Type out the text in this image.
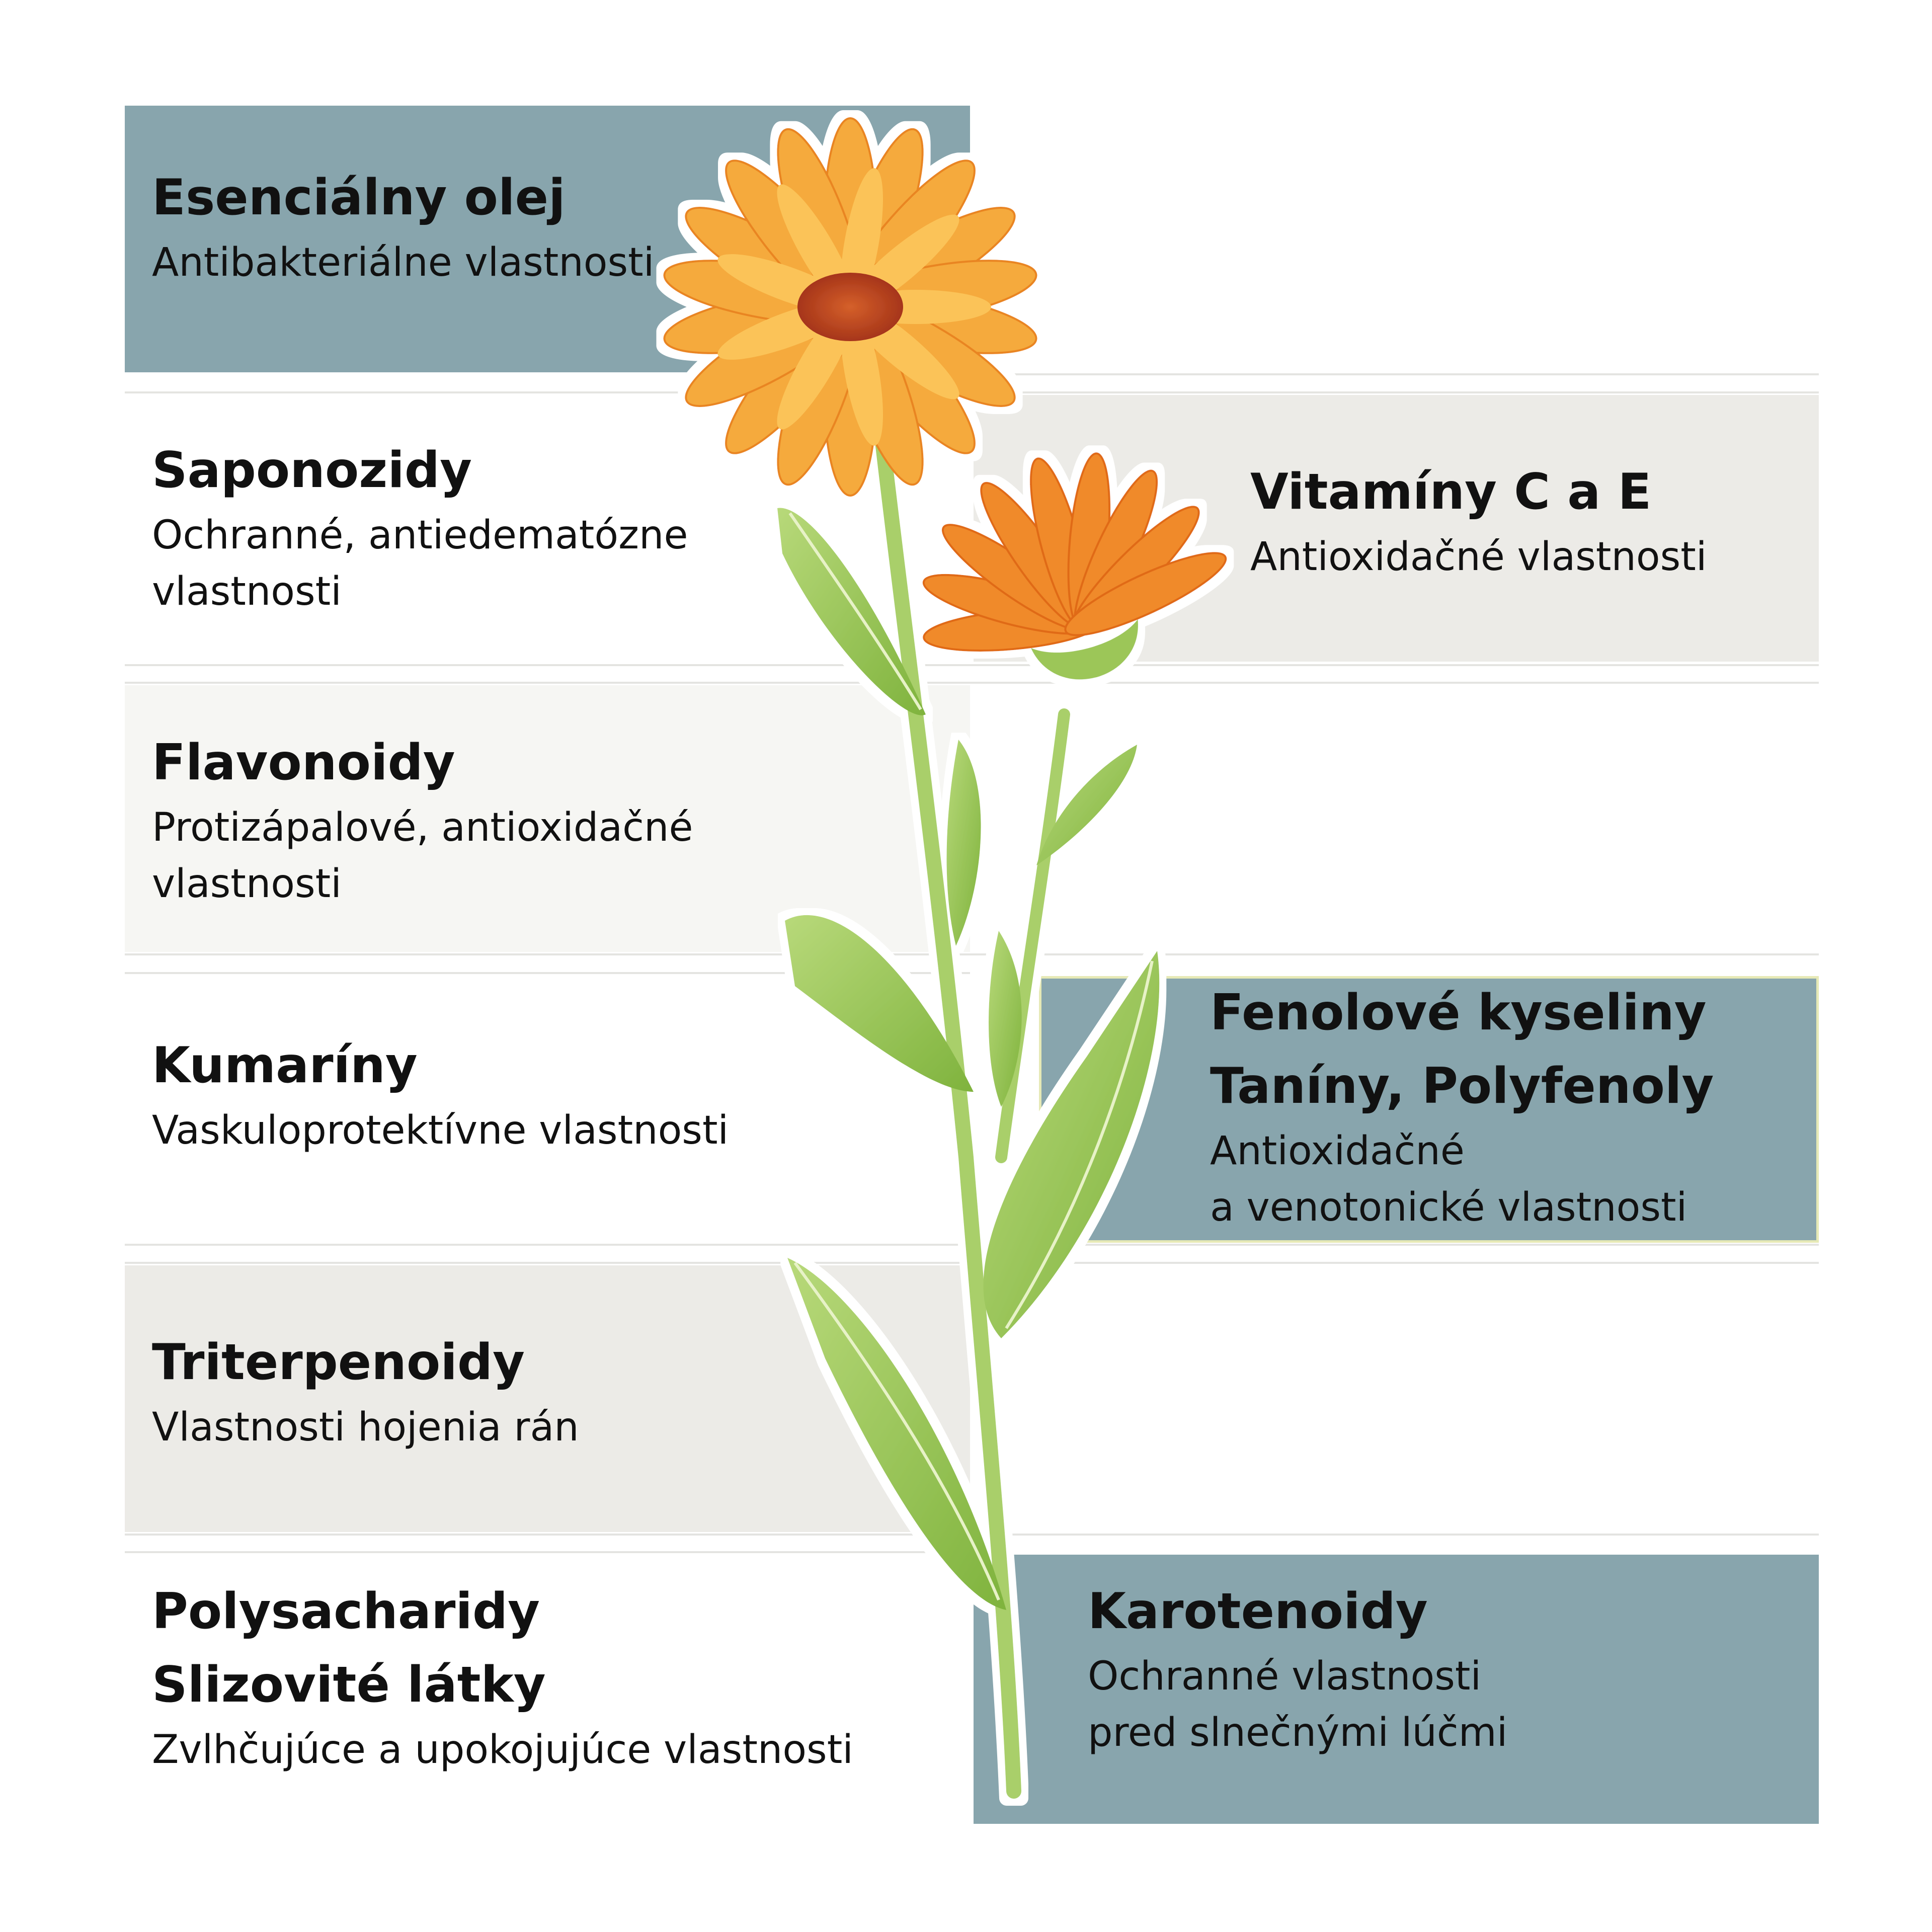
Esenciálny olej
Antibakteriálne vlastnosti
Saponozidy
Ochranné, antiedematózne
vlastnosti
Flavonoidy
Protizápalové, antioxidačné
vlastnosti
Kumaríny
Vaskuloprotektívne vlastnosti
Triterpenoidy
Vlastnosti hojenia rán
Polysacharidy
Slizovité látky
Zvlhčujúce a upokojujúce vlastnosti
Vitamíny C a E
Antioxidačné vlastnosti
Fenolové kyseliny
Taníny, Polyfenoly
Antioxidačné
a venotonické vlastnosti
Karotenoidy
Ochranné vlastnosti
pred slnečnými lúčmi
